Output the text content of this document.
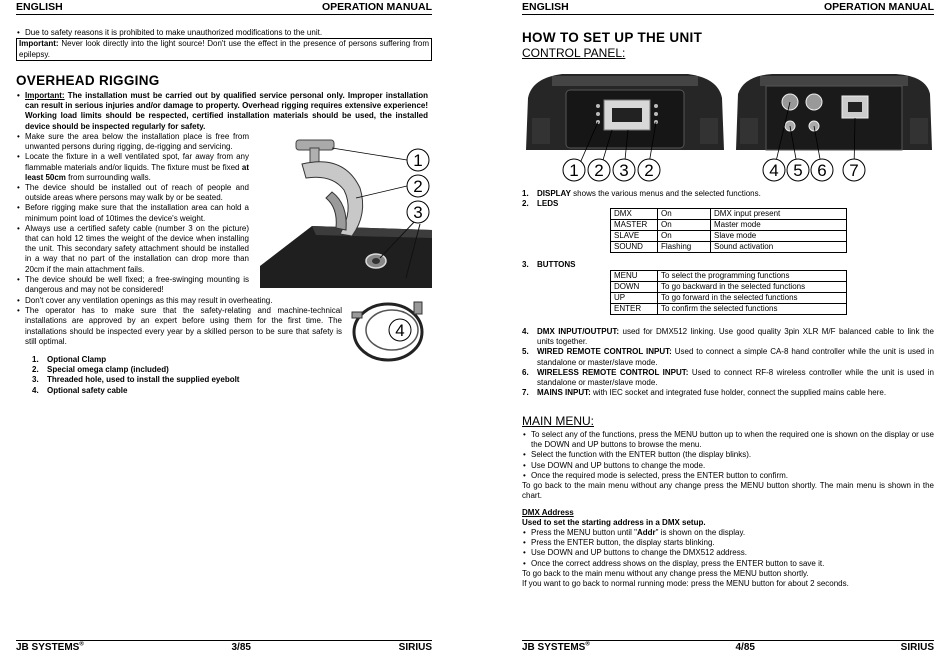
ENGLISH	OPERATION MANUAL
• Due to safety reasons it is prohibited to make unauthorized modifications to the unit.
Important: Never look directly into the light source! Don't use the effect in the presence of persons suffering from epilepsy.
OVERHEAD RIGGING
• Important: The installation must be carried out by qualified service personal only. Improper installation can result in serious injuries and/or damage to property. Overhead rigging requires extensive experience! Working load limits should be respected, certified installation materials should be used, the installed device should be inspected regularly for safety.
• Make sure the area below the installation place is free from unwanted persons during rigging, de-rigging and servicing.
• Locate the fixture in a well ventilated spot, far away from any flammable materials and/or liquids. The fixture must be fixed at least 50cm from surrounding walls.
• The device should be installed out of reach of people and outside areas where persons may walk by or be seated.
• Before rigging make sure that the installation area can hold a minimum point load of 10times the device's weight.
• Always use a certified safety cable (number 3 on the picture) that can hold 12 times the weight of the device when installing the unit. This secondary safety attachment should be installed in a way that no part of the installation can drop more than 20cm if the main attachment fails.
• The device should be well fixed; a free-swinging mounting is dangerous and may not be considered!
• Don't cover any ventilation openings as this may result in overheating.
• The operator has to make sure that the safety-relating and machine-technical installations are approved by an expert before using them for the first time. The installations should be inspected every year by a skilled person to be sure that safety is still optimal.
1.	Optional Clamp
2.	Special omega clamp (included)
3.	Threaded hole, used to install the supplied eyebolt
4.	Optional safety cable
1
2
3
4
JB SYSTEMS®	3/85	SIRIUS
ENGLISH	OPERATION MANUAL
HOW TO SET UP THE UNIT
CONTROL PANEL:
1 2 3 2	4 5 6 7
1.	DISPLAY shows the various menus and the selected functions.
2.	LEDS
DMX	On	DMX input present
MASTER	On	Master mode
SLAVE	On	Slave mode
SOUND	Flashing	Sound activation
3.	BUTTONS
MENU	To select the programming functions
DOWN	To go backward in the selected functions
UP	To go forward in the selected functions
ENTER	To confirm the selected functions
4.	DMX INPUT/OUTPUT: used for DMX512 linking. Use good quality 3pin XLR M/F balanced cable to link the units together.
5.	WIRED REMOTE CONTROL INPUT: Used to connect a simple CA-8 hand controller while the unit is used in standalone or master/slave mode.
6.	WIRELESS REMOTE CONTROL INPUT: Used to connect RF-8 wireless controller while the unit is used in standalone or master/slave mode.
7.	MAINS INPUT: with IEC socket and integrated fuse holder, connect the supplied mains cable here.
MAIN MENU:
• To select any of the functions, press the MENU button up to when the required one is shown on the display or use the DOWN and UP buttons to browse the menu.
• Select the function with the ENTER button (the display blinks).
• Use DOWN and UP buttons to change the mode.
• Once the required mode is selected, press the ENTER button to confirm.
To go back to the main menu without any change press the MENU button shortly. The main menu is shown in the chart.
DMX Address
Used to set the starting address in a DMX setup.
• Press the MENU button until "Addr" is shown on the display.
• Press the ENTER button, the display starts blinking.
• Use DOWN and UP buttons to change the DMX512 address.
• Once the correct address shows on the display, press the ENTER button to save it.
To go back to the main menu without any change press the MENU button shortly.
If you want to go back to normal running mode: press the MENU button for about 2 seconds.
JB SYSTEMS®	4/85	SIRIUS
